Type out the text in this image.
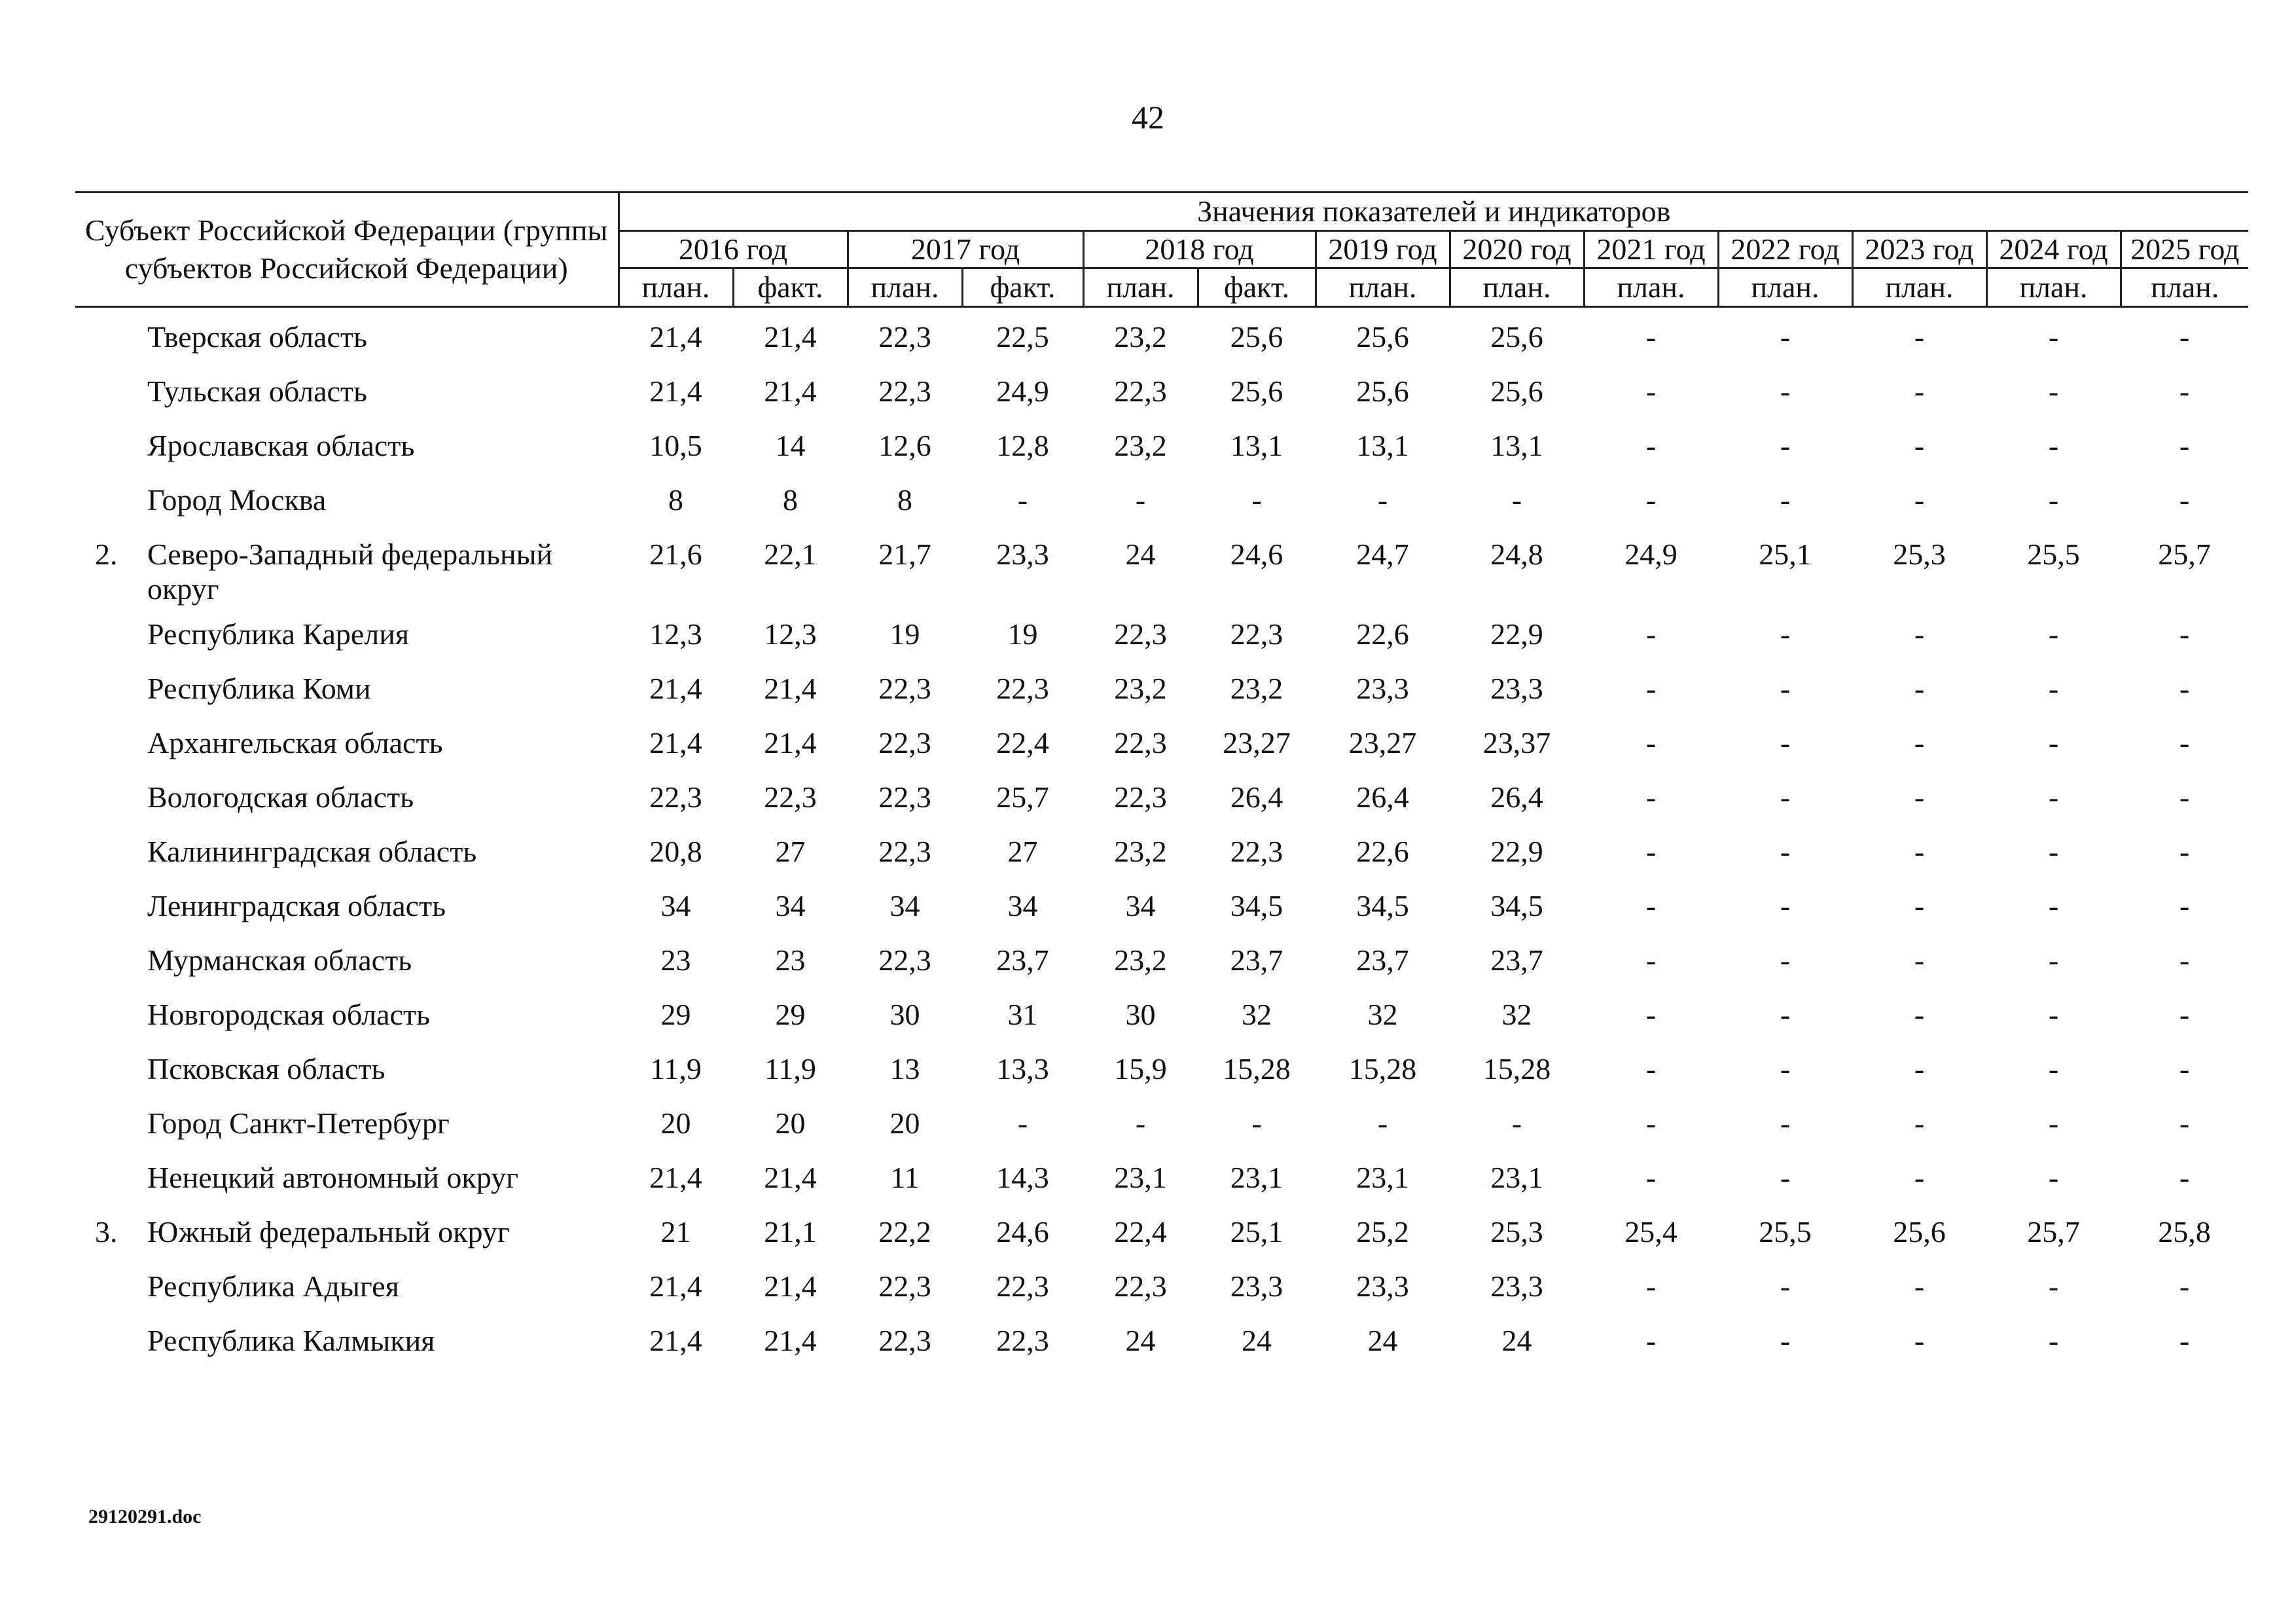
42
Субъект Российской Федерации (группы субъектов Российской Федерации)		Значения показателей и индикаторов												
		2016 год		2017 год		2018 год		2019 год	2020 год	2021 год	2022 год	2023 год	2024 год	2025 год
		план.	факт.	план.	факт.	план.	факт.	план.	план.	план.	план.	план.	план.	план.

	Тверская область	21,4	21,4	22,3	22,5	23,2	25,6	25,6	25,6	-	-	-	-	-
	Тульская область	21,4	21,4	22,3	24,9	22,3	25,6	25,6	25,6	-	-	-	-	-
	Ярославская область	10,5	14	12,6	12,8	23,2	13,1	13,1	13,1	-	-	-	-	-
	Город Москва	8	8	8	-	-	-	-	-	-	-	-	-	-
2.	Северо-Западный федеральный округ	21,6	22,1	21,7	23,3	24	24,6	24,7	24,8	24,9	25,1	25,3	25,5	25,7
	Республика Карелия	12,3	12,3	19	19	22,3	22,3	22,6	22,9	-	-	-	-	-
	Республика Коми	21,4	21,4	22,3	22,3	23,2	23,2	23,3	23,3	-	-	-	-	-
	Архангельская область	21,4	21,4	22,3	22,4	22,3	23,27	23,27	23,37	-	-	-	-	-
	Вологодская область	22,3	22,3	22,3	25,7	22,3	26,4	26,4	26,4	-	-	-	-	-
	Калининградская область	20,8	27	22,3	27	23,2	22,3	22,6	22,9	-	-	-	-	-
	Ленинградская область	34	34	34	34	34	34,5	34,5	34,5	-	-	-	-	-
	Мурманская область	23	23	22,3	23,7	23,2	23,7	23,7	23,7	-	-	-	-	-
	Новгородская область	29	29	30	31	30	32	32	32	-	-	-	-	-
	Псковская область	11,9	11,9	13	13,3	15,9	15,28	15,28	15,28	-	-	-	-	-
	Город Санкт-Петербург	20	20	20	-	-	-	-	-	-	-	-	-	-
	Ненецкий автономный округ	21,4	21,4	11	14,3	23,1	23,1	23,1	23,1	-	-	-	-	-
3.	Южный федеральный округ	21	21,1	22,2	24,6	22,4	25,1	25,2	25,3	25,4	25,5	25,6	25,7	25,8
	Республика Адыгея	21,4	21,4	22,3	22,3	22,3	23,3	23,3	23,3	-	-	-	-	-
	Республика Калмыкия	21,4	21,4	22,3	22,3	24	24	24	24	-	-	-	-	-
29120291.doc
